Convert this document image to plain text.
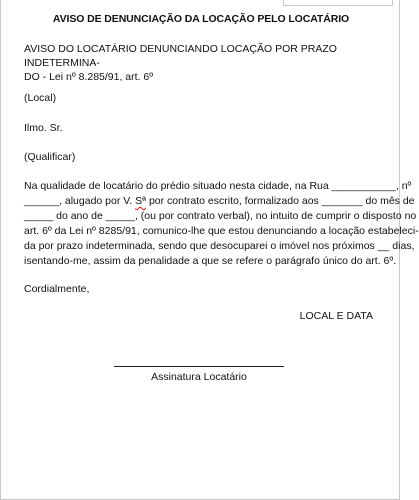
AVISO DE DENUNCIAÇÃO DA LOCAÇÃO PELO LOCATÁRIO
AVISO DO LOCATÁRIO DENUNCIANDO LOCAÇÃO POR PRAZO INDETERMINA-
DO - Lei nº 8.285/91, art. 6º
(Local)
Ilmo. Sr.
(Qualificar)
Na qualidade de locatário do prédio situado nesta cidade, na Rua ___________, nº
______, alugado por V. Sª por contrato escrito, formalizado aos _______ do mês de
_____ do ano de _____, (ou por contrato verbal), no intuito de cumprir o disposto no
art. 6º da Lei nº 8285/91, comunico-lhe que estou denunciando a locação estabeleci-
da por prazo indeterminada, sendo que desocuparei o imóvel nos próximos __ dias,
isentando-me, assim da penalidade a que se refere o parágrafo único do art. 6º.
Cordialmente,
LOCAL E DATA
Assinatura Locatário
